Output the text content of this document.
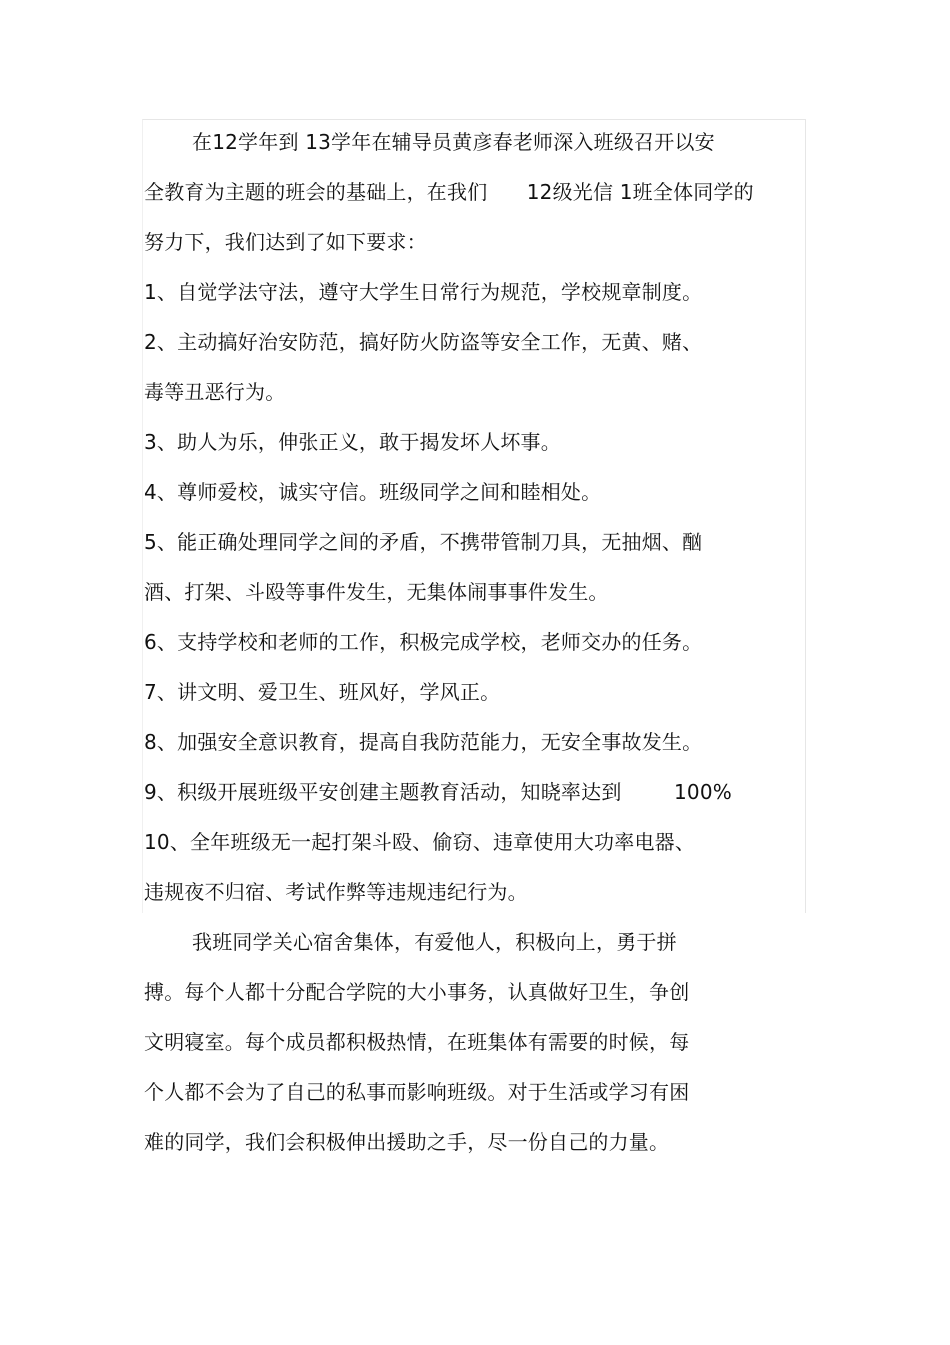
在12学年到 13学年在辅导员黄彦春老师深入班级召开以安
全教育为主题的班会的基础上，在我们      12级光信 1班全体同学的
努力下，我们达到了如下要求：
1、自觉学法守法，遵守大学生日常行为规范，学校规章制度。
2、主动搞好治安防范，搞好防火防盗等安全工作，无黄、赌、
毒等丑恶行为。
3、助人为乐，伸张正义，敢于揭发坏人坏事。
4、尊师爱校，诚实守信。班级同学之间和睦相处。
5、能正确处理同学之间的矛盾，不携带管制刀具，无抽烟、酗
酒、打架、斗殴等事件发生，无集体闹事事件发生。
6、支持学校和老师的工作，积极完成学校，老师交办的任务。
7、讲文明、爱卫生、班风好，学风正。
8、加强安全意识教育，提高自我防范能力，无安全事故发生。
9、积级开展班级平安创建主题教育活动，知晓率达到        100%
10、全年班级无一起打架斗殴、偷窃、违章使用大功率电器、
违规夜不归宿、考试作弊等违规违纪行为。
我班同学关心宿舍集体，有爱他人，积极向上，勇于拼
搏。每个人都十分配合学院的大小事务，认真做好卫生，争创
文明寝室。每个成员都积极热情，在班集体有需要的时候，每
个人都不会为了自己的私事而影响班级。对于生活或学习有困
难的同学，我们会积极伸出援助之手，尽一份自己的力量。
